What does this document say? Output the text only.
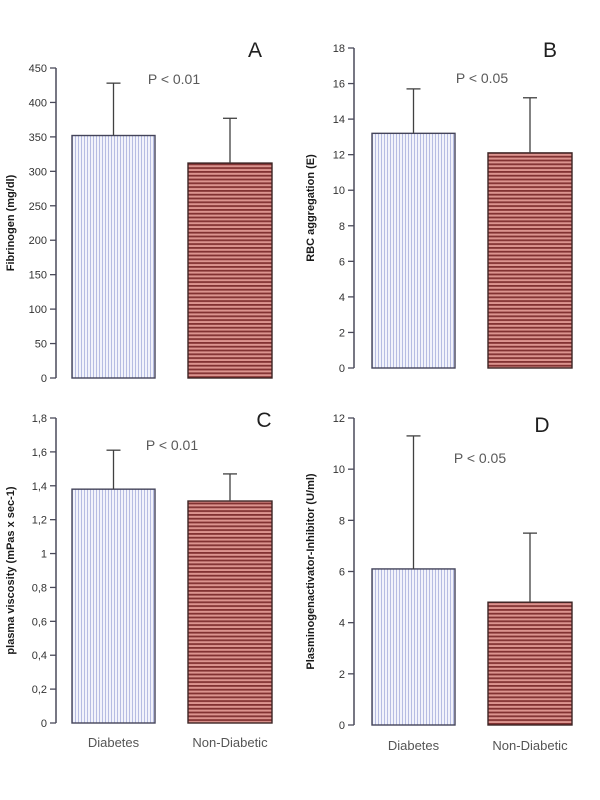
0
50
100
150
200
250
300
350
400
450
Fibrinogen (mg/dl)
P < 0.01
A
0
2
4
6
8
10
12
14
16
18
RBC aggregation (E)
P < 0.05
B
0
0,2
0,4
0,6
0,8
1
1,2
1,4
1,6
1,8
plasma viscosity (mPas x sec-1)
Diabetes	Non-Diabetic
P < 0.01
C
0
2
4
6
8
10
12
Plasminogenactivator-Inhibitor (U/ml)
Diabetes	Non-Diabetic
P < 0.05
D
